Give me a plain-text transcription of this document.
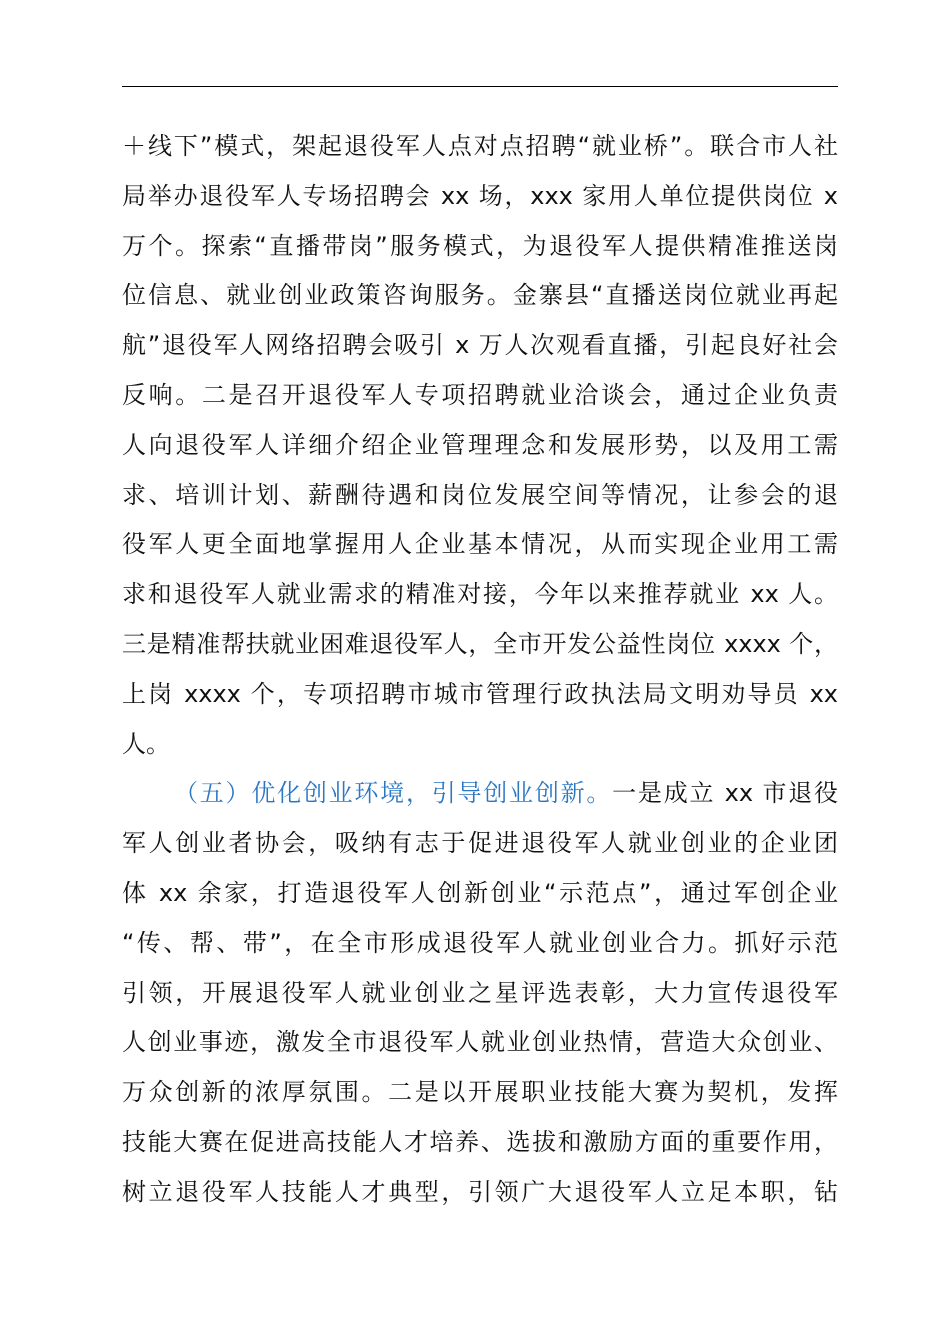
＋线下”模式，架起退役军人点对点招聘“就业桥”。联合市人社
局举办退役军人专场招聘会 xx 场，xxx 家用人单位提供岗位 x
万个。探索“直播带岗”服务模式，为退役军人提供精准推送岗
位信息、就业创业政策咨询服务。金寨县“直播送岗位就业再起
航”退役军人网络招聘会吸引 x 万人次观看直播，引起良好社会
反响。二是召开退役军人专项招聘就业洽谈会，通过企业负责
人向退役军人详细介绍企业管理理念和发展形势，以及用工需
求、培训计划、薪酬待遇和岗位发展空间等情况，让参会的退
役军人更全面地掌握用人企业基本情况，从而实现企业用工需
求和退役军人就业需求的精准对接，今年以来推荐就业 xx 人。
三是精准帮扶就业困难退役军人，全市开发公益性岗位 xxxx 个，
上岗 xxxx 个，专项招聘市城市管理行政执法局文明劝导员 xx
人。
（五）优化创业环境，引导创业创新。一是成立 xx 市退役
军人创业者协会，吸纳有志于促进退役军人就业创业的企业团
体 xx 余家，打造退役军人创新创业“示范点”，通过军创企业
“传、帮、带”，在全市形成退役军人就业创业合力。抓好示范
引领，开展退役军人就业创业之星评选表彰，大力宣传退役军
人创业事迹，激发全市退役军人就业创业热情，营造大众创业、
万众创新的浓厚氛围。二是以开展职业技能大赛为契机，发挥
技能大赛在促进高技能人才培养、选拔和激励方面的重要作用，
树立退役军人技能人才典型，引领广大退役军人立足本职，钻
